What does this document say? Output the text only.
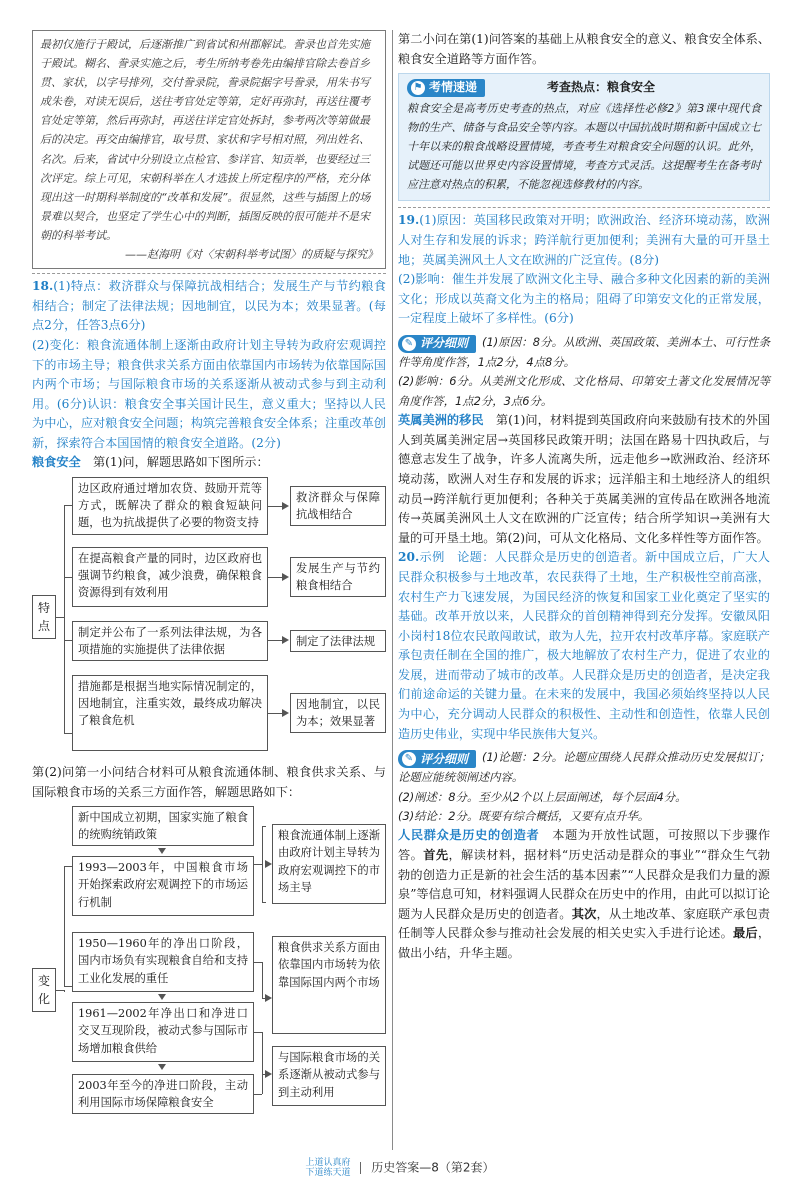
最初仅施行于殿试，后逐渐推广到省试和州郡解试。誊录也首先实施于殿试。糊名、誊录实施之后，考生所纳考卷先由编排官除去卷首乡贯、家状，以字号排列，交付誊录院，誊录院据字号誊录，用朱书写成朱卷，对读无误后，送往考官处定等第，定好再弥封，再送往覆考官处定等第，然后再弥封，再送往详定官处拆封，参考两次等第做最后的决定。再交由编排官，取号贯、家状和字号相对照，列出姓名、名次。后来，省试中分别设立点检官、参详官、知贡举，也要经过三次评定。综上可见，宋朝科举在人才选拔上所定程序的严格，充分体现出这一时期科举制度的“改革和发展”。很显然，这些与插图上的场景难以契合，也坚定了学生心中的判断，插图反映的很可能并不是宋朝的科举考试。
——赵海明《对〈宋朝科举考试图〉的质疑与探究》

18.(1)特点：救济群众与保障抗战相结合；发展生产与节约粮食相结合；制定了法律法规；因地制宜，以民为本；效果显著。(每点2分，任答3点6分)

(2)变化：粮食流通体制上逐渐由政府计划主导转为政府宏观调控下的市场主导；粮食供求关系方面由依靠国内市场转为依靠国际国内两个市场；与国际粮食市场的关系逐渐从被动式参与到主动利用。(6分)认识：粮食安全事关国计民生，意义重大；坚持以人民为中心，应对粮食安全问题；构筑完善粮食安全体系；注重改革创新，探索符合本国国情的粮食安全道路。(2分)

粮食安全　 第(1)问，解题思路如下图所示：

特点
边区政府通过增加农贷、鼓励开荒等方式，既解决了群众的粮食短缺问题，也为抗战提供了必要的物资支持
救济群众与保障抗战相结合
在提高粮食产量的同时，边区政府也强调节约粮食，减少浪费，确保粮食资源得到有效利用
发展生产与节约粮食相结合
制定并公布了一系列法律法规，为各项措施的实施提供了法律依据
制定了法律法规
措施都是根据当地实际情况制定的，因地制宜，注重实效，最终成功解决了粮食危机
因地制宜，以民为本；效果显著

第(2)问第一小问结合材料可从粮食流通体制、粮食供求关系、与国际粮食市场的关系三方面作答，解题思路如下：

变化
新中国成立初期，国家实施了粮食的统购统销政策
1993—2003年，中国粮食市场开始探索政府宏观调控下的市场运行机制
粮食流通体制上逐渐由政府计划主导转为政府宏观调控下的市场主导
1950—1960年的净出口阶段，国内市场负有实现粮食自给和支持工业化发展的重任
1961—2002年净出口和净进口交叉互现阶段，被动式参与国际市场增加粮食供给
粮食供求关系方面由依靠国内市场转为依靠国际国内两个市场
2003年至今的净进口阶段，主动利用国际市场保障粮食安全
与国际粮食市场的关系逐渐从被动式参与到主动利用

第二小问在第(1)问答案的基础上从粮食安全的意义、粮食安全体系、粮食安全道路等方面作答。

⚑ 考情速递	考查热点：粮食安全

粮食安全是高考历史考查的热点，对应《选择性必修2》第3课中现代食物的生产、储备与食品安全等内容。本题以中国抗战时期和新中国成立七十年以来的粮食战略设置情境，考查考生对粮食安全问题的认识。此外，试题还可能以世界史内容设置情境，考查方式灵活。这提醒考生在备考时应注意对热点的积累，不能忽视选修教材的内容。

19.(1)原因：英国移民政策对开明；欧洲政治、经济环境动荡，欧洲人对生存和发展的诉求；跨洋航行更加便利；美洲有大量的可开垦土地；英属美洲风土人文在欧洲的广泛宣传。(8分)

(2)影响：催生并发展了欧洲文化主导、融合多种文化因素的新的美洲文化；形成以英裔文化为主的格局；阻碍了印第安文化的正常发展，一定程度上破坏了多样性。(6分)

✎ 评分细则 (1)原因：8分。从欧洲、英国政策、美洲本土、可行性条件等角度作答，1点2分，4点8分。

(2)影响：6分。从美洲文化形成、文化格局、印第安土著文化发展情况等角度作答，1点2分，3点6分。

英属美洲的移民　 第(1)问，材料提到英国政府向来鼓励有技术的外国人到英属美洲定居→英国移民政策开明；法国在路易十四执政后，与德意志发生了战争，许多人流离失所，远走他乡→欧洲政治、经济环境动荡，欧洲人对生存和发展的诉求；远洋船主和土地经济人的组织动员→跨洋航行更加便利；各种关于英属美洲的宣传品在欧洲各地流传→英属美洲风土人文在欧洲的广泛宣传；结合所学知识→美洲有大量的可开垦土地。第(2)问，可从文化格局、文化多样性等方面作答。

20.示例　论题：人民群众是历史的创造者。新中国成立后，广大人民群众积极参与土地改革，农民获得了土地，生产积极性空前高涨，农村生产力飞速发展，为国民经济的恢复和国家工业化奠定了坚实的基础。改革开放以来，人民群众的首创精神得到充分发挥。安徽凤阳小岗村18位农民敢闯敢试，敢为人先，拉开农村改革序幕。家庭联产承包责任制在全国的推广，极大地解放了农村生产力，促进了农业的发展，进而带动了城市的改革。人民群众是历史的创造者，是决定我们前途命运的关键力量。在未来的发展中，我国必须始终坚持以人民为中心，充分调动人民群众的积极性、主动性和创造性，依靠人民创造历史伟业，实现中华民族伟大复兴。

✎ 评分细则 (1)论题：2分。论题应围绕人民群众推动历史发展拟订；论题应能统领阐述内容。

(2)阐述：8分。至少从2个以上层面阐述，每个层面4分。

(3)结论：2分。既要有综合概括，又要有点升华。

人民群众是历史的创造者　 本题为开放性试题，可按照以下步骤作答。首先，解读材料，据材料“历史活动是群众的事业”“群众生气勃勃的创造力正是新的社会生活的基本因素”“人民群众是我们力量的源泉”等信息可知，材料强调人民群众在历史中的作用，由此可以拟订论题为人民群众是历史的创造者。其次，从土地改革、家庭联产承包责任制等人民群众参与推动社会发展的相关史实入手进行论述。最后，做出小结，升华主题。

上道认真府
下道练天道 历史答案—8（第2套）
